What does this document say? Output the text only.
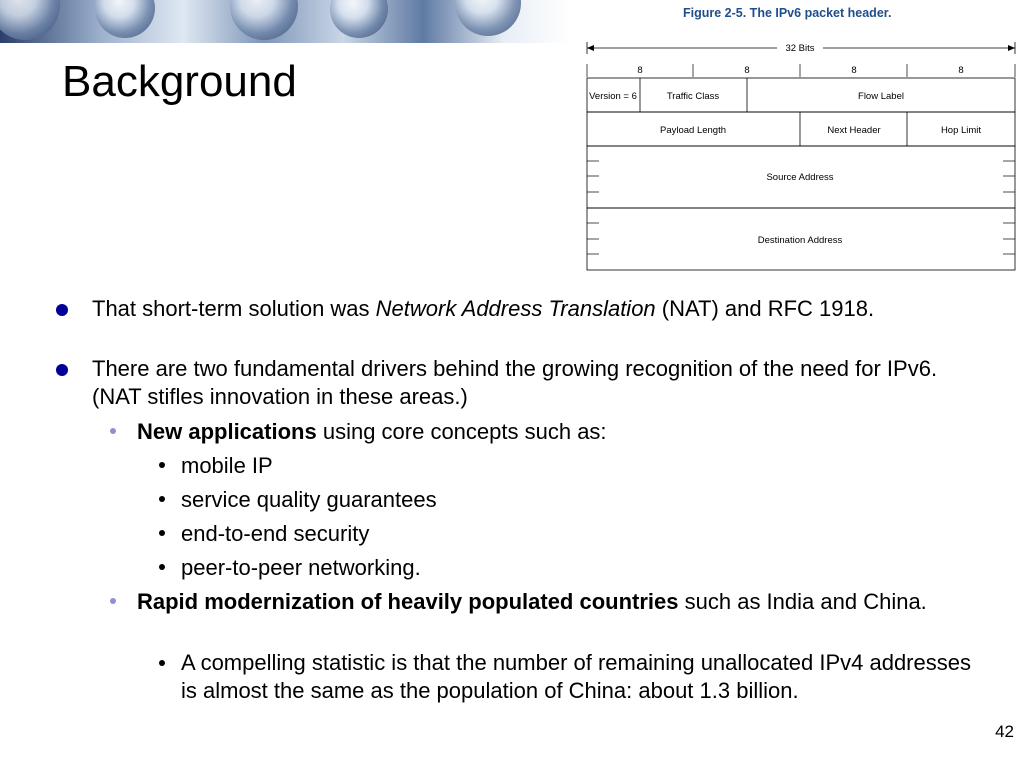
Background
Figure 2-5. The IPv6 packet header.
32 Bits
8	8	8	8
Version = 6	Traffic Class	Flow Label
Payload Length	Next Header	Hop Limit
Source Address
Destination Address
That short-term solution was Network Address Translation (NAT) and RFC 1918.
There are two fundamental drivers behind the growing recognition of the need for IPv6. (NAT stifles innovation in these areas.)
New applications using core concepts such as:
mobile IP
service quality guarantees
end-to-end security
peer-to-peer networking.
Rapid modernization of heavily populated countries such as India and China.
A compelling statistic is that the number of remaining unallocated IPv4 addresses is almost the same as the population of China: about 1.3 billion.
42
